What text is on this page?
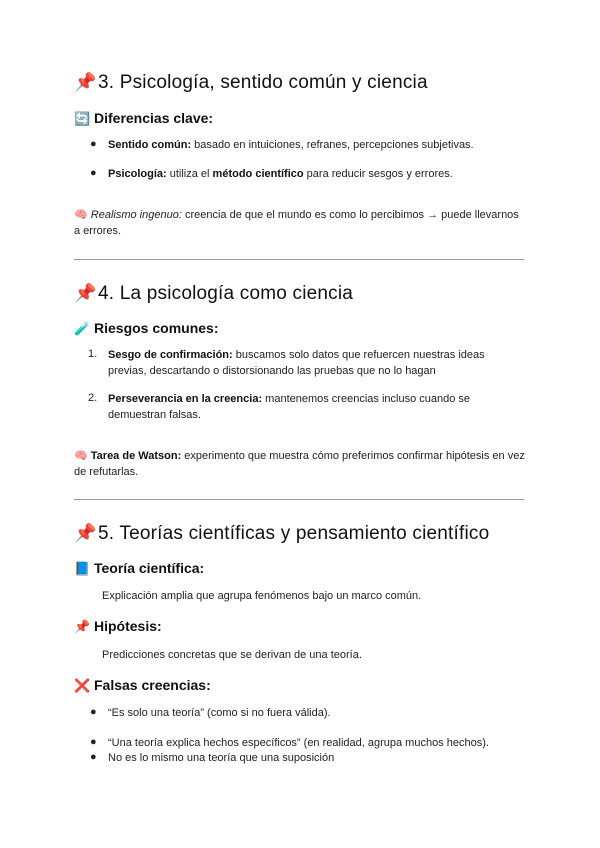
📌3. Psicología, sentido común y ciencia
🔄 Diferencias clave:
● Sentido común: basado en intuiciones, refranes, percepciones subjetivas.
● Psicología: utiliza el método científico para reducir sesgos y errores.
🧠 Realismo ingenuo: creencia de que el mundo es como lo percibimos → puede llevarnos
a errores.
📌4. La psicología como ciencia
🧪 Riesgos comunes:
1. Sesgo de confirmación: buscamos solo datos que refuercen nuestras ideas
previas, descartando o distorsionando las pruebas que no lo hagan
2. Perseverancia en la creencia: mantenemos creencias incluso cuando se
demuestran falsas.
🧠 Tarea de Watson: experimento que muestra cómo preferimos confirmar hipótesis en vez
de refutarlas.
📌5. Teorías científicas y pensamiento científico
📘 Teoría científica:
Explicación amplia que agrupa fenómenos bajo un marco común.
📌 Hipótesis:
Predicciones concretas que se derivan de una teoría.
❌ Falsas creencias:
● “Es solo una teoría” (como si no fuera válida).
● “Una teoría explica hechos específicos” (en realidad, agrupa muchos hechos).
● No es lo mismo una teoría que una suposición
